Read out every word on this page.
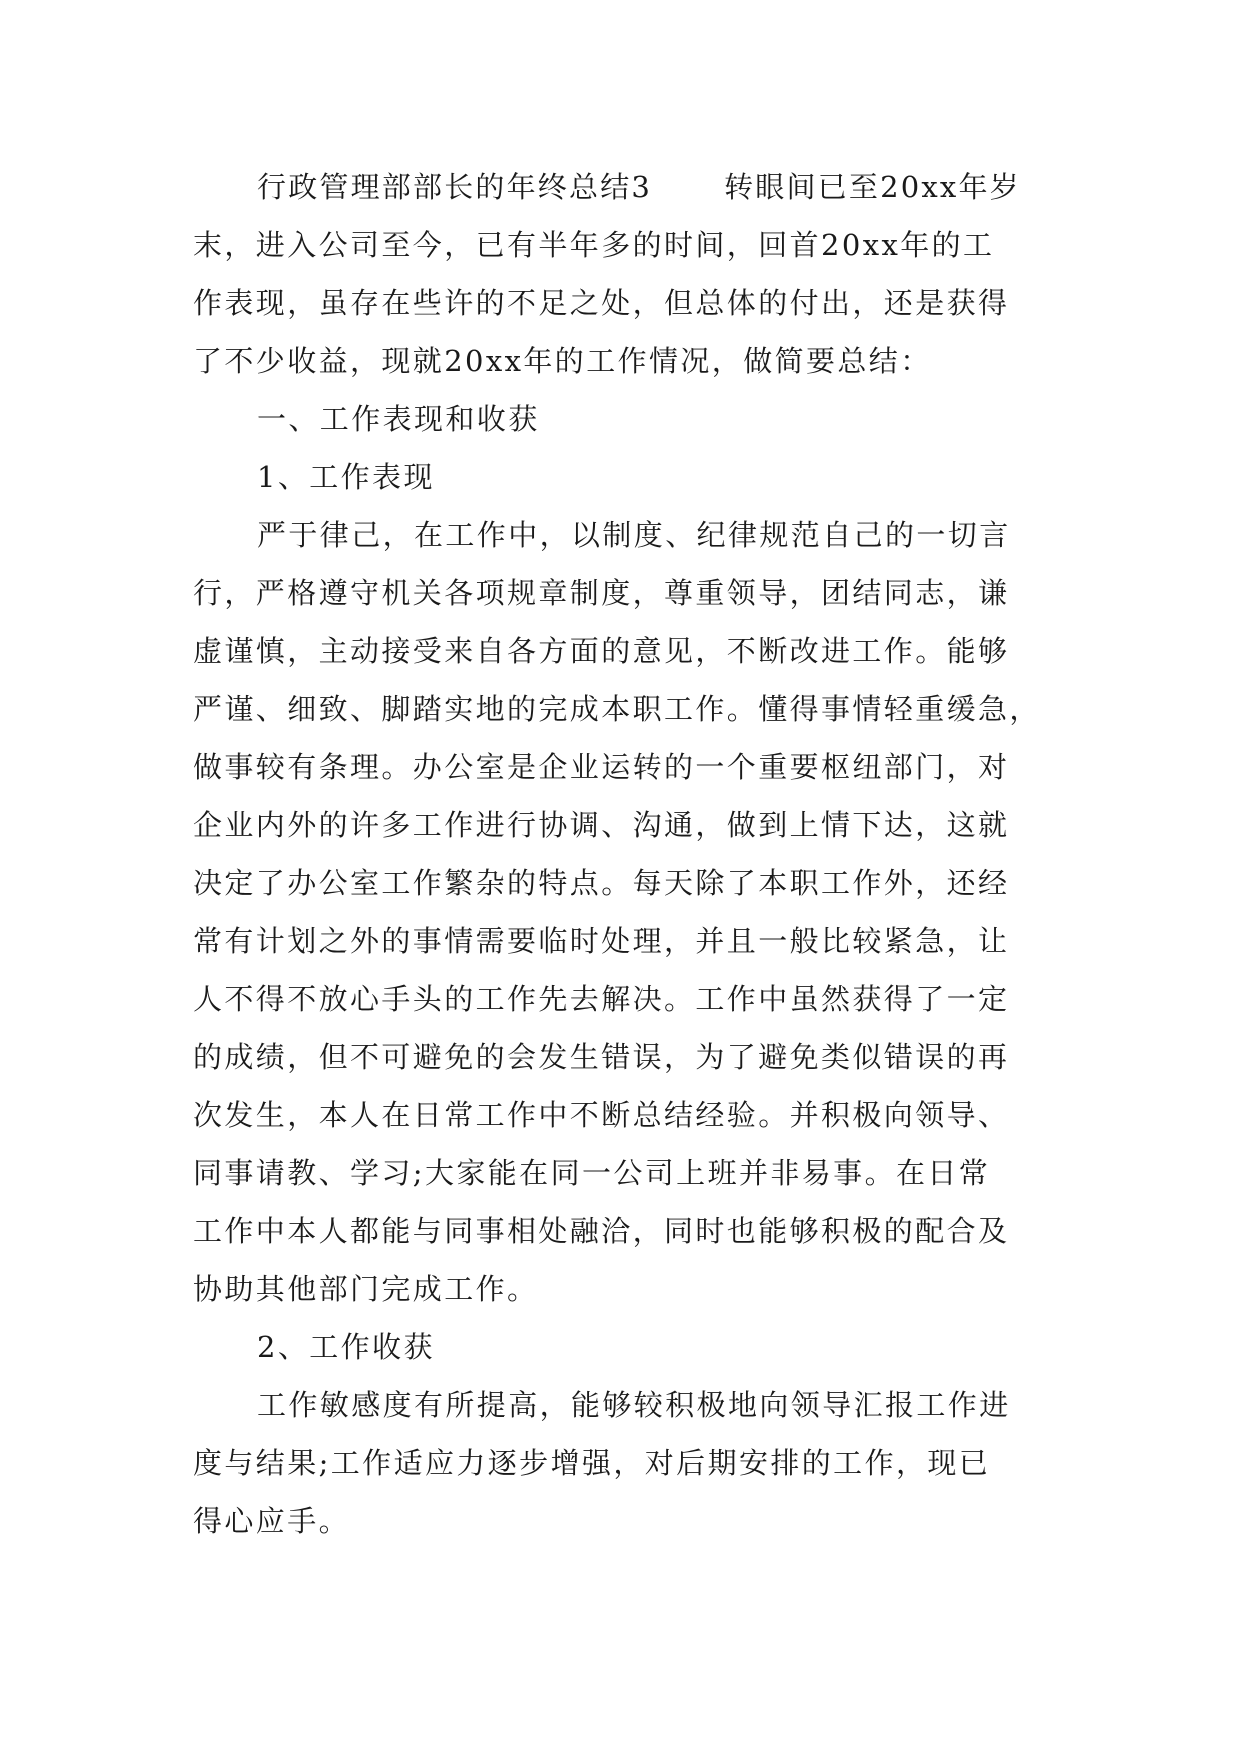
行政管理部部长的年终总结3 转眼间已至20xx年岁
末，进入公司至今，已有半年多的时间，回首20xx年的工
作表现，虽存在些许的不足之处，但总体的付出，还是获得
了不少收益，现就20xx年的工作情况，做简要总结：
一、工作表现和收获
1、工作表现
严于律己，在工作中，以制度、纪律规范自己的一切言
行，严格遵守机关各项规章制度，尊重领导，团结同志，谦
虚谨慎，主动接受来自各方面的意见，不断改进工作。能够
严谨、细致、脚踏实地的完成本职工作。懂得事情轻重缓急，
做事较有条理。办公室是企业运转的一个重要枢纽部门，对
企业内外的许多工作进行协调、沟通，做到上情下达，这就
决定了办公室工作繁杂的特点。每天除了本职工作外，还经
常有计划之外的事情需要临时处理，并且一般比较紧急，让
人不得不放心手头的工作先去解决。工作中虽然获得了一定
的成绩，但不可避免的会发生错误，为了避免类似错误的再
次发生，本人在日常工作中不断总结经验。并积极向领导、
同事请教、学习;大家能在同一公司上班并非易事。在日常
工作中本人都能与同事相处融洽，同时也能够积极的配合及
协助其他部门完成工作。
2、工作收获
工作敏感度有所提高，能够较积极地向领导汇报工作进
度与结果;工作适应力逐步增强，对后期安排的工作，现已
得心应手。
